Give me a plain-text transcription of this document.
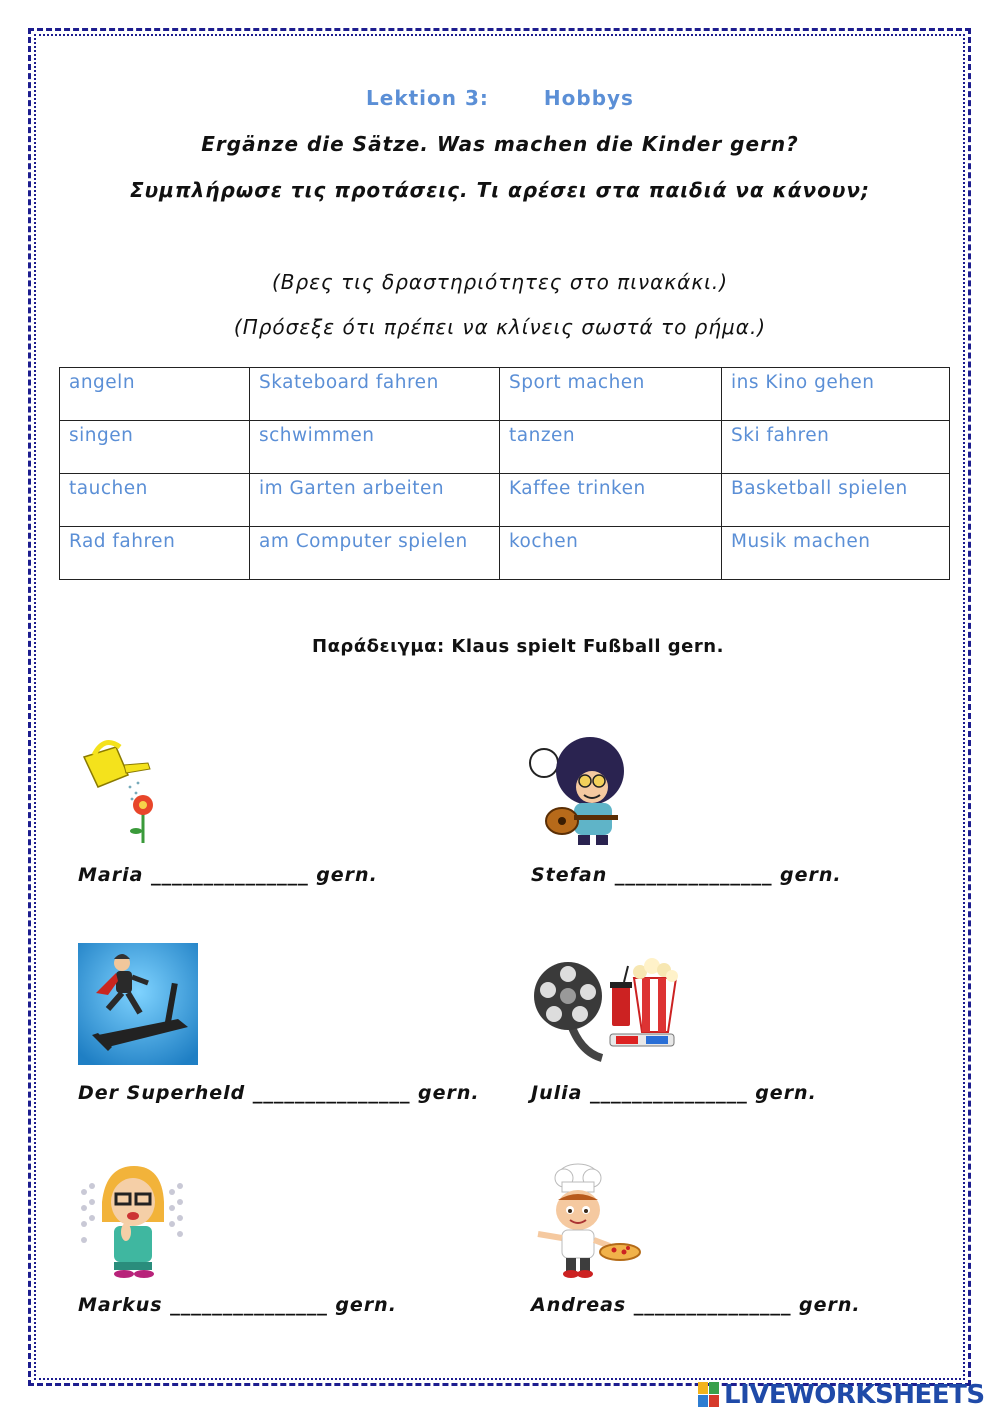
Lektion 3:	Hobbys
Ergänze die Sätze. Was machen die Kinder gern?
Συμπλήρωσε τις προτάσεις. Τι αρέσει στα παιδιά να κάνουν;
(Βρες τις δραστηριότητες στο πινακάκι.)
(Πρόσεξε ότι πρέπει να κλίνεις σωστά το ρήμα.)
angeln	Skateboard fahren	Sport machen	ins Kino gehen
singen	schwimmen	tanzen	Ski fahren
tauchen	im Garten arbeiten	Kaffee trinken	Basketball spielen
Rad fahren	am Computer spielen	kochen	Musik machen
Παράδειγμα: Klaus spielt Fußball gern.
Maria _______________ gern.	Stefan _______________ gern.
Der Superheld _______________ gern.	Julia _______________ gern.
Markus _______________ gern.	Andreas _______________ gern.
LIVEWORKSHEETS
